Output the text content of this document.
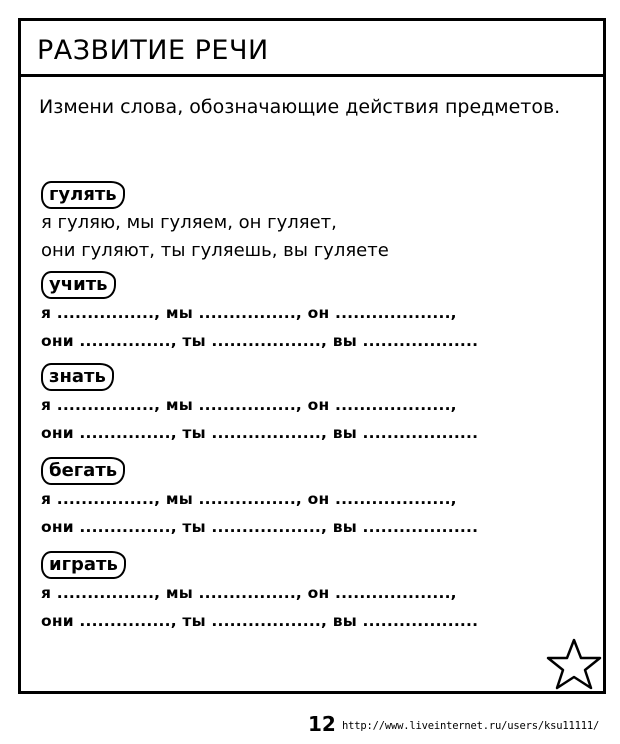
РАЗВИТИЕ РЕЧИ
Измени слова, обозначающие действия предметов.
гулять
я гуляю, мы гуляем, он гуляет,
они гуляют, ты гуляешь, вы гуляете
учить
я ................, мы ................, он ...................,
они ..............., ты .................., вы ...................
знать
я ................, мы ................, он ...................,
они ..............., ты .................., вы ...................
бегать
я ................, мы ................, он ...................,
они ..............., ты .................., вы ...................
играть
я ................, мы ................, он ...................,
они ..............., ты .................., вы ...................
12 http://www.liveinternet.ru/users/ksu11111/
